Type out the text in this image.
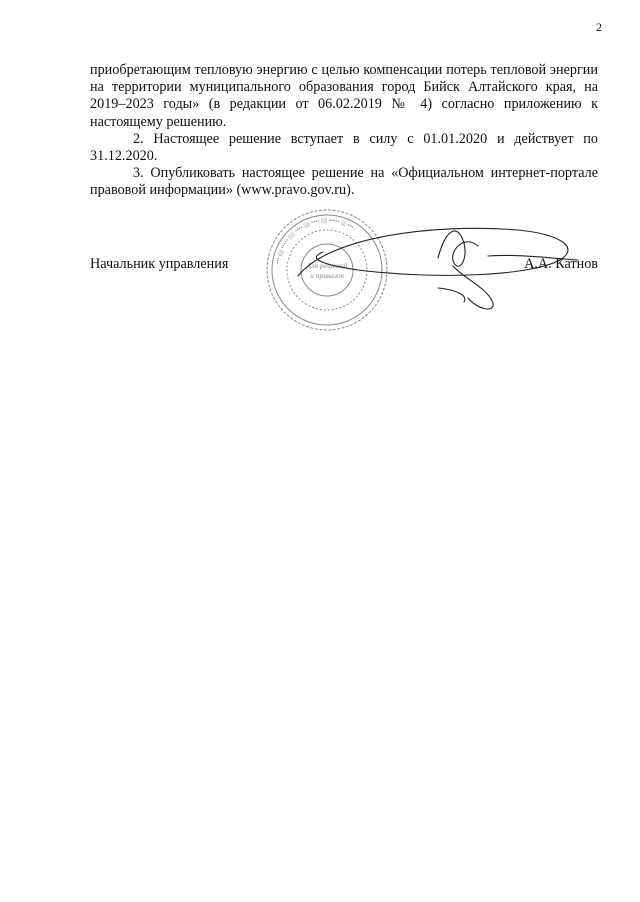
2

приобретающим тепловую энергию с целью компенсации потерь тепловой энергии на территории муниципального образования город Бийск Алтайского края, на 2019–2023 годы» (в редакции от 06.02.2019 № 4) согласно приложению к настоящему решению.

2. Настоящее решение вступает в силу с 01.01.2020 и действует по 31.12.2020.

3. Опубликовать настоящее решение на «Официальном интернет-портале правовой информации» (www.pravo.gov.ru).

••• ||||| ••••• |||||| •••• ||||| •••• ||||| ••••• |||| •••
Для решений
и приказов
Начальник управления	А.А. Катнов
